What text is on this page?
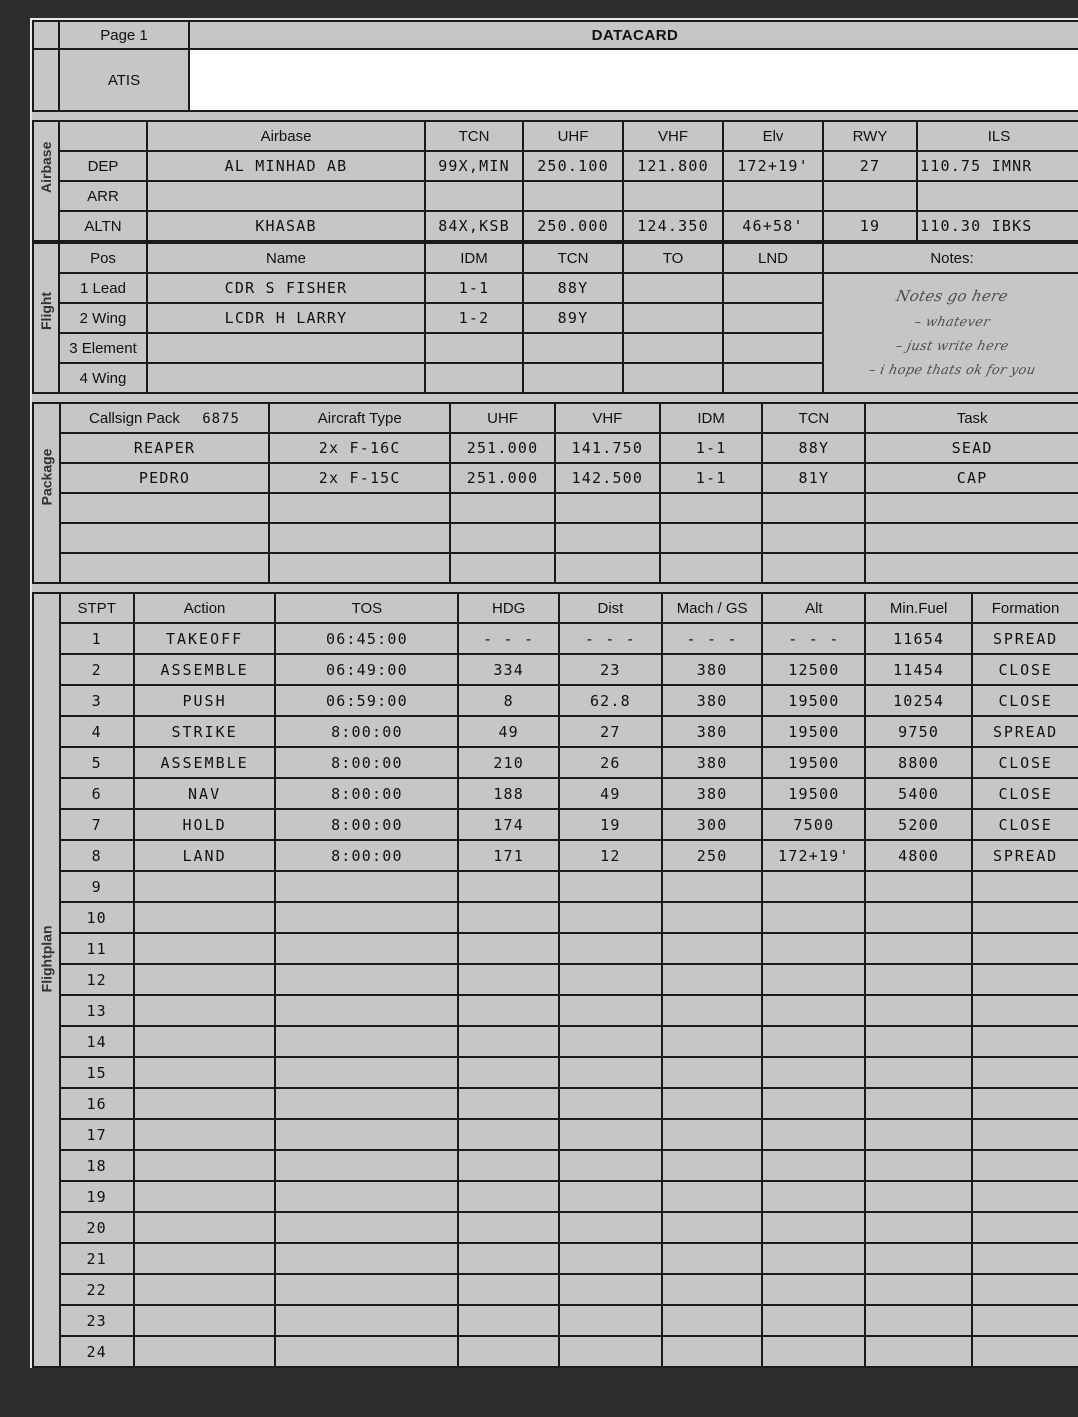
	Page 1	DATACARD
	ATIS	
Airbase		Airbase	TCN	UHF	VHF	Elv	RWY	ILS
	DEP	AL MINHAD AB	99X,MIN	250.100	121.800	172+19'	27	110.75 IMNR
	ARR							
	ALTN	KHASAB	84X,KSB	250.000	124.350	46+58'	19	110.30 IBKS
Flight	Pos	Name	IDM	TCN	TO	LND	Notes:
	1 Lead	CDR S FISHER	1-1	88Y			Notes go here
– whatever
– just write here
– i hope thats ok for you

	2 Wing	LCDR H LARRY	1-2	89Y			
	3 Element						
	4 Wing						
Package	Callsign Pack 6875	Aircraft Type	UHF	VHF	IDM	TCN	Task
	REAPER	2x F-16C	251.000	141.750	1-1	88Y	SEAD
	PEDRO	2x F-15C	251.000	142.500	1-1	81Y	CAP

Flightplan	STPT	Action	TOS	HDG	Dist	Mach / GS	Alt	Min.Fuel	Formation
	1	TAKEOFF	06:45:00	- - -	- - -	- - -	- - -	11654	SPREAD
	2	ASSEMBLE	06:49:00	334	23	380	12500	11454	CLOSE
	3	PUSH	06:59:00	8	62.8	380	19500	10254	CLOSE
	4	STRIKE	8:00:00	49	27	380	19500	9750	SPREAD
	5	ASSEMBLE	8:00:00	210	26	380	19500	8800	CLOSE
	6	NAV	8:00:00	188	49	380	19500	5400	CLOSE
	7	HOLD	8:00:00	174	19	300	7500	5200	CLOSE
	8	LAND	8:00:00	171	12	250	172+19'	4800	SPREAD
	9								
	10								
	11								
	12								
	13								
	14								
	15								
	16								
	17								
	18								
	19								
	20								
	21								
	22								
	23								
	24								
